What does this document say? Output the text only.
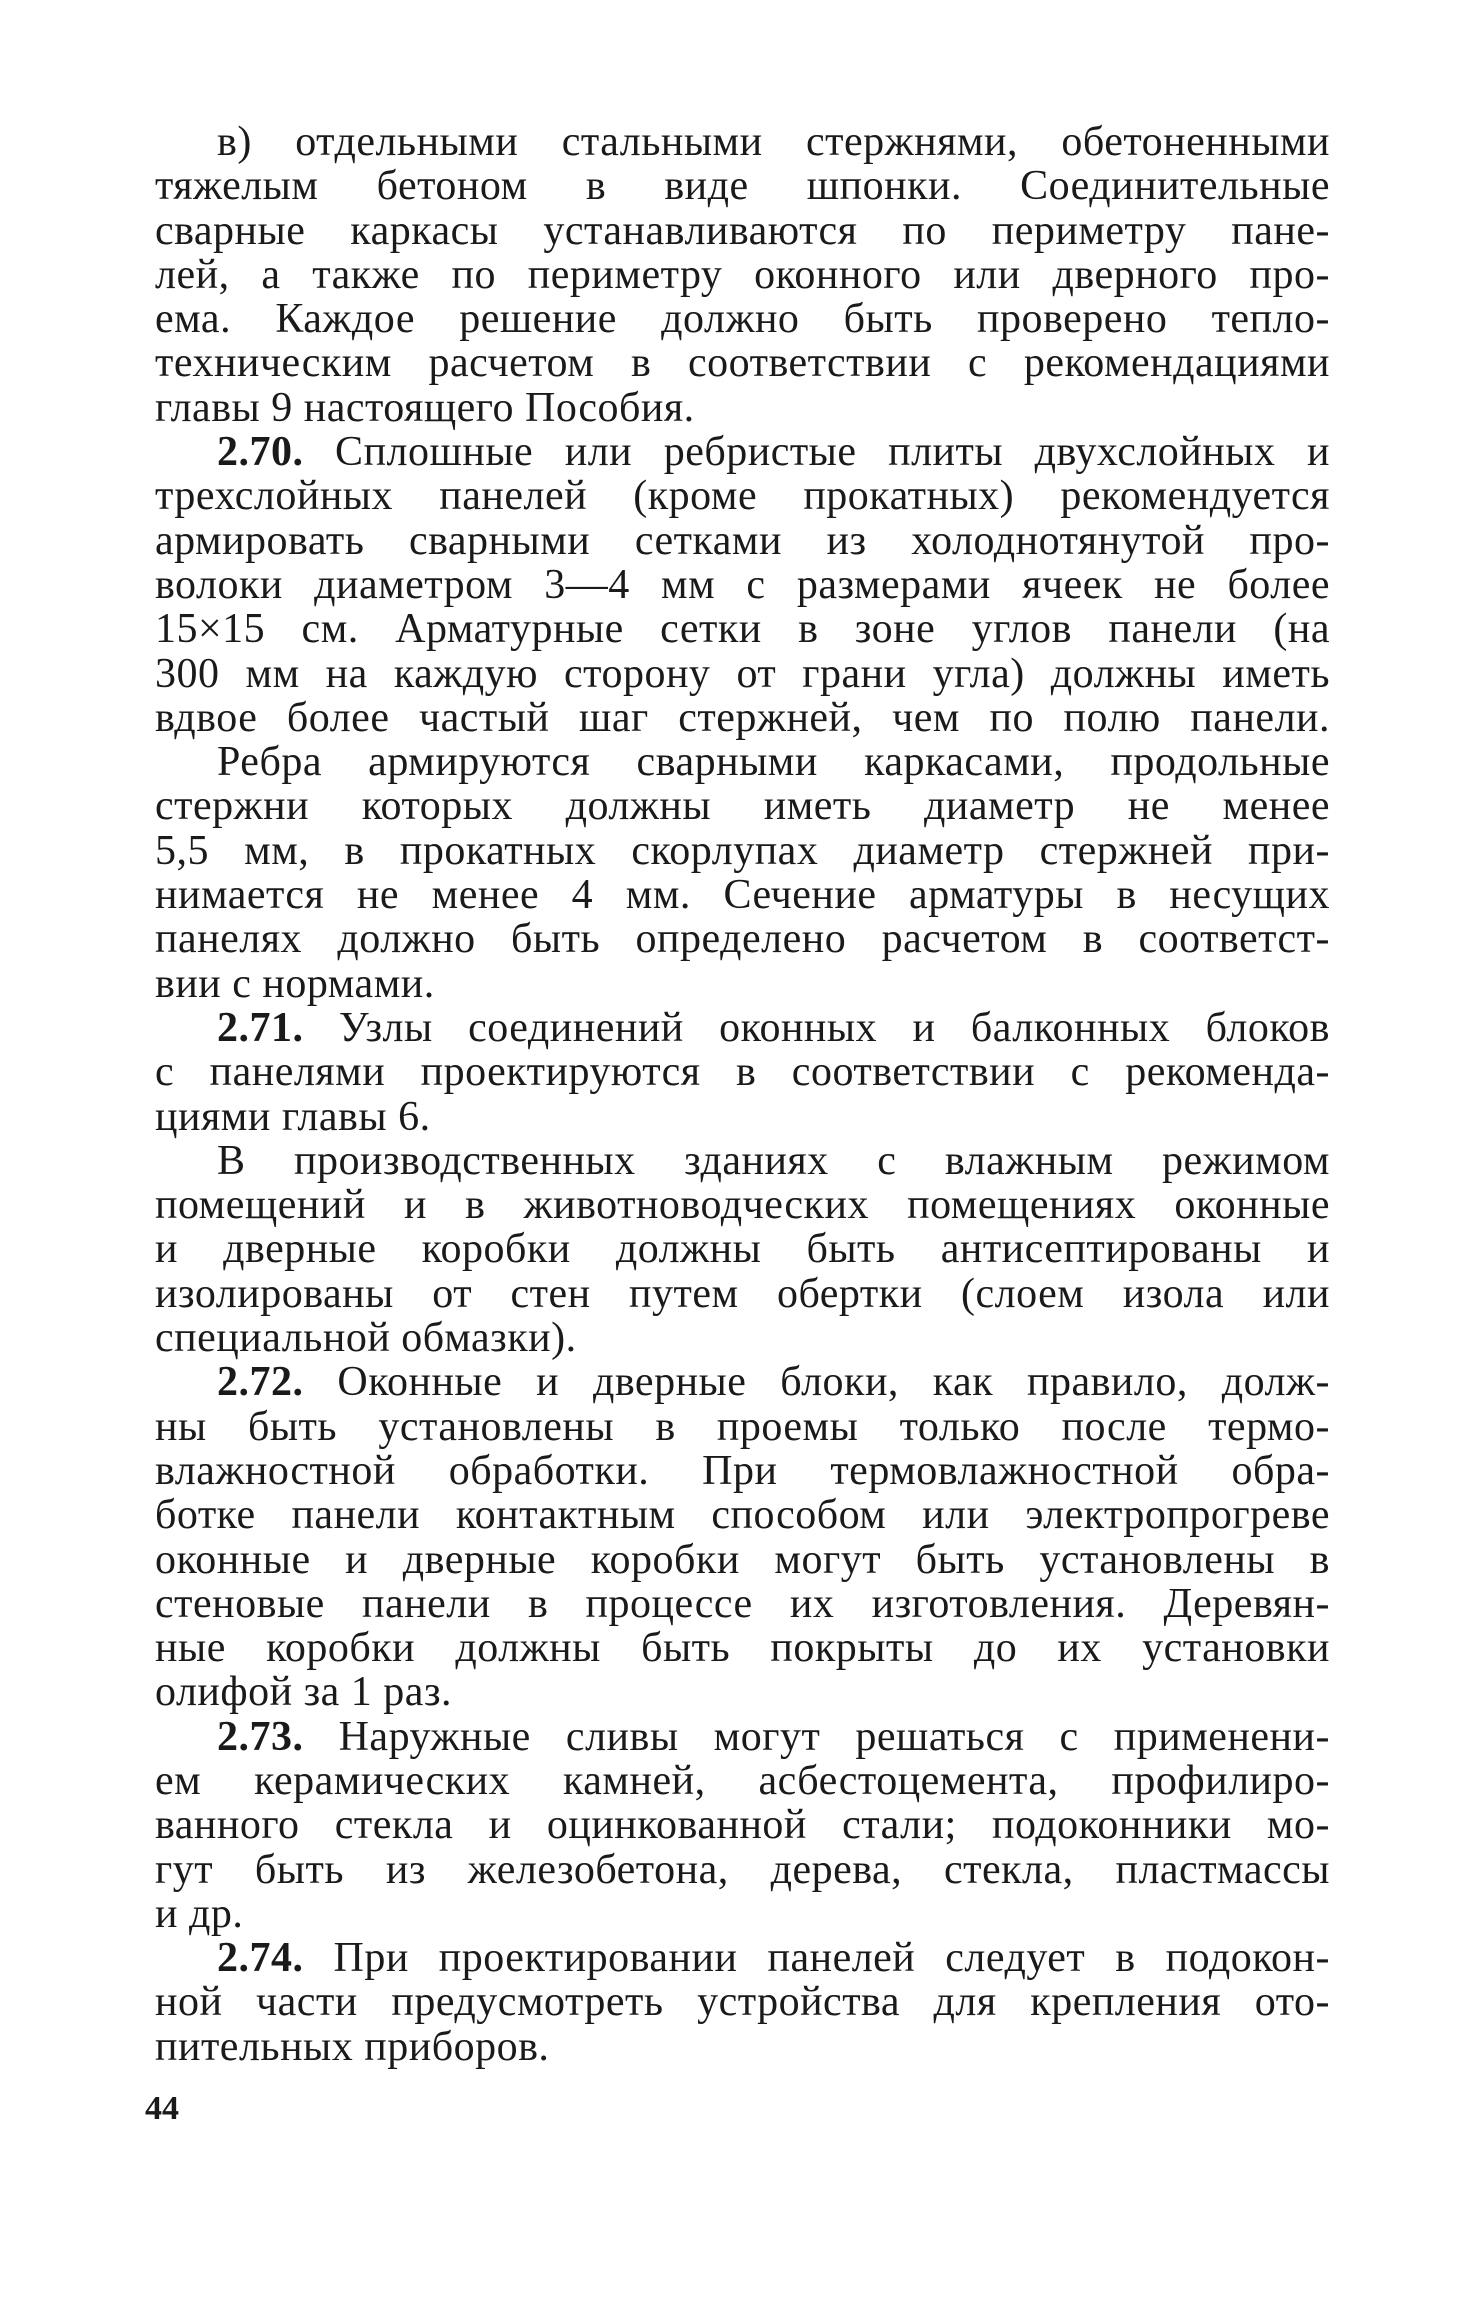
в) отдельными стальными стержнями, обетоненными
тяжелым бетоном в виде шпонки. Соединительные
сварные каркасы устанавливаются по периметру пане-
лей, а также по периметру оконного или дверного про-
ема. Каждое решение должно быть проверено тепло-
техническим расчетом в соответствии с рекомендациями
главы 9 настоящего Пособия.
2.70. Сплошные или ребристые плиты двухслойных и
трехслойных панелей (кроме прокатных) рекомендуется
армировать сварными сетками из холоднотянутой про-
волоки диаметром 3—4 мм с размерами ячеек не более
15×15 см. Арматурные сетки в зоне углов панели (на
300 мм на каждую сторону от грани угла) должны иметь
вдвое более частый шаг стержней, чем по полю панели.
Ребра армируются сварными каркасами, продольные
стержни которых должны иметь диаметр не менее
5,5 мм, в прокатных скорлупах диаметр стержней при-
нимается не менее 4 мм. Сечение арматуры в несущих
панелях должно быть определено расчетом в соответст-
вии с нормами.
2.71. Узлы соединений оконных и балконных блоков
с панелями проектируются в соответствии с рекоменда-
циями главы 6.
В производственных зданиях с влажным режимом
помещений и в животноводческих помещениях оконные
и дверные коробки должны быть антисептированы и
изолированы от стен путем обертки (слоем изола или
специальной обмазки).
2.72. Оконные и дверные блоки, как правило, долж-
ны быть установлены в проемы только после термо-
влажностной обработки. При термовлажностной обра-
ботке панели контактным способом или электропрогреве
оконные и дверные коробки могут быть установлены в
стеновые панели в процессе их изготовления. Деревян-
ные коробки должны быть покрыты до их установки
олифой за 1 раз.
2.73. Наружные сливы могут решаться с применени-
ем керамических камней, асбестоцемента, профилиро-
ванного стекла и оцинкованной стали; подоконники мо-
гут быть из железобетона, дерева, стекла, пластмассы
и др.
2.74. При проектировании панелей следует в подокон-
ной части предусмотреть устройства для крепления ото-
пительных приборов.
44
